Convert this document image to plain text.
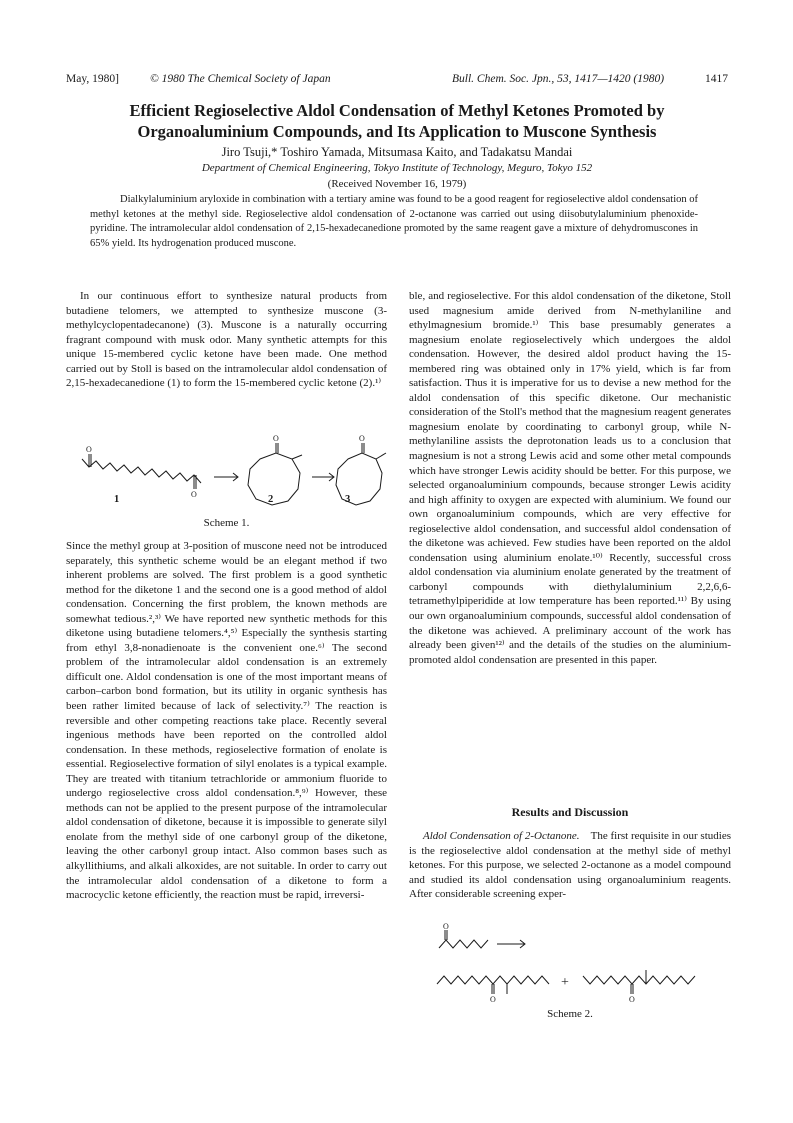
May, 1980]	© 1980 The Chemical Society of Japan	Bull. Chem. Soc. Jpn., 53, 1417—1420 (1980)	1417
Efficient Regioselective Aldol Condensation of Methyl Ketones Promoted by Organoaluminium Compounds, and Its Application to Muscone Synthesis
Jiro Tsuji,* Toshiro Yamada, Mitsumasa Kaito, and Tadakatsu Mandai
Department of Chemical Engineering, Tokyo Institute of Technology, Meguro, Tokyo 152
(Received November 16, 1979)

Dialkylaluminium aryloxide in combination with a tertiary amine was found to be a good reagent for regioselective aldol condensation of methyl ketones at the methyl side. Regioselective aldol condensation of 2-octanone was carried out using diisobutylaluminium phenoxide-pyridine. The intramolecular aldol condensation of 2,15-hexadecanedione promoted by the same reagent gave a mixture of dehydromuscones in 65% yield. Its hydrogenation produced muscone.

In our continuous effort to synthesize natural products from butadiene telomers, we attempted to synthesize muscone (3-methylcyclopentadecanone) (3). Muscone is a naturally occurring fragrant compound with musk odor. Many synthetic attempts for this unique 15-membered cyclic ketone have been made. One method carried out by Stoll is based on the intramolecular aldol condensation of 2,15-hexadecanedione (1) to form the 15-membered cyclic ketone (2).¹⁾

O
O
O	O
1	2	3
Scheme 1.

Since the methyl group at 3-position of muscone need not be introduced separately, this synthetic scheme would be an elegant method if two inherent problems are solved. The first problem is a good synthetic method for the diketone 1 and the second one is a good method of aldol condensation. Concerning the first problem, the known methods are somewhat tedious.²,³⁾ We have reported new synthetic methods for this diketone using butadiene telomers.⁴,⁵⁾ Especially the synthesis starting from ethyl 3,8-nonadienoate is the convenient one.⁶⁾ The second problem of the intramolecular aldol condensation is an extremely difficult one. Aldol condensation is one of the most important means of carbon–carbon bond formation, but its utility in organic synthesis has been rather limited because of lack of selectivity.⁷⁾ The reaction is reversible and other competing reactions take place. Recently several ingenious methods have been reported on the controlled aldol condensation. In these methods, regioselective formation of enolate is essential. Regioselective formation of silyl enolates is a typical example. They are treated with titanium tetrachloride or ammonium fluoride to undergo regioselective cross aldol condensation.⁸,⁹⁾ However, these methods can not be applied to the present purpose of the intramolecular aldol condensation of diketone, because it is impossible to generate silyl enolate from the methyl side of one carbonyl group of the diketone, leaving the other carbonyl group intact. Also common bases such as alkyllithiums, and alkali alkoxides, are not suitable. In order to carry out the intramolecular aldol condensation of a diketone to form a macrocyclic ketone efficiently, the reaction must be rapid, irreversi-

ble, and regioselective. For this aldol condensation of the diketone, Stoll used magnesium amide derived from N-methylaniline and ethylmagnesium bromide.¹⁾ This base presumably generates a magnesium enolate regioselectively which undergoes the aldol condensation. However, the desired aldol product having the 15-membered ring was obtained only in 17% yield, which is far from satisfaction. Thus it is imperative for us to devise a new method for the aldol condensation of this specific diketone. Our mechanistic consideration of the Stoll's method that the magnesium reagent generates magnesium enolate by coordinating to carbonyl group, while N-methylaniline assists the deprotonation leads us to a conclusion that magnesium is not a strong Lewis acid and some other metal compounds which have stronger Lewis acidity should be better. For this purpose, we selected organoaluminium compounds, because stronger Lewis acidity and high affinity to oxygen are expected with aluminium. We found our own organoaluminium compounds, which are very effective for regioselective aldol condensation, and successful aldol condensation of the diketone was achieved. Few studies have been reported on the aldol condensation using aluminium enolate.¹⁰⁾ Recently, successful cross aldol condensation via aluminium enolate generated by the treatment of carbonyl compounds with diethylaluminium 2,2,6,6-tetramethylpiperidide at low temperature has been reported.¹¹⁾ By using our own organoaluminium compounds, successful aldol condensation of the diketone was achieved. A preliminary account of the work has already been given¹²⁾ and the details of the studies on the aluminium-promoted aldol condensation are presented in this paper.

Results and Discussion

Aldol Condensation of 2-Octanone. The first requisite in our studies is the regioselective aldol condensation at the methyl side of methyl ketones. For this purpose, we selected 2-octanone as a model compound and studied its aldol condensation using organoaluminium reagents. After considerable screening exper-

O
O	O
+
Scheme 2.
